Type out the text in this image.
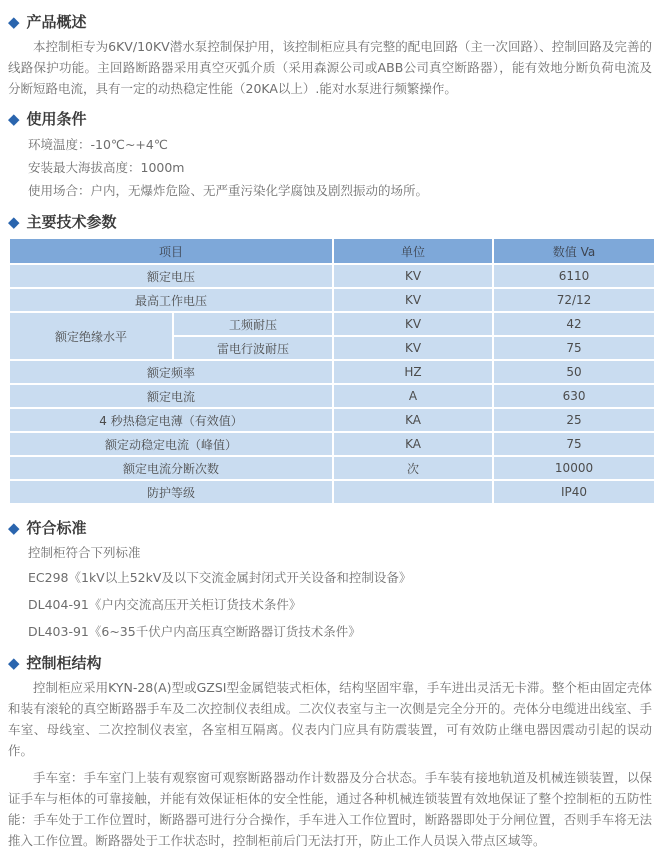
◆ 产品概述

本控制柜专为6KV/10KV潜水泵控制保护用，该控制柜应具有完整的配电回路（主一次回路）、控制回路及完善的线路保护功能。主回路断路器采用真空灭弧介质（采用森源公司或ABB公司真空断路器），能有效地分断负荷电流及分断短路电流，具有一定的动热稳定性能（20KA以上）.能对水泵进行频繁操作。

◆ 使用条件
环境温度：-10℃~+4℃
安装最大海拔高度：1000m
使用场合：户内，无爆炸危险、无严重污染化学腐蚀及剧烈振动的场所。
◆ 主要技术参数
项目		单位	数值 Va
额定电压		KV	6110
最高工作电压		KV	72/12
额定绝缘水平	工频耐压	KV	42
	雷电行波耐压	KV	75
额定频率		HZ	50
额定电流		A	630
4 秒热稳定电薄（有效值）		KA	25
额定动稳定电流（峰值）		KA	75
额定电流分断次数		次	10000
防护等级			IP40
◆ 符合标准
控制柜符合下列标准
EC298《1kV以上52kV及以下交流金属封闭式开关设备和控制设备》
DL404-91《户内交流高压开关柜订货技术条件》
DL403-91《6~35千伏户内高压真空断路器订货技术条件》
◆ 控制柜结构

控制柜应采用KYN-28(A)型或GZSI型金属铠装式柜体，结构坚固牢靠，手车进出灵活无卡滞。整个柜由固定壳体和装有滚轮的真空断路器手车及二次控制仪表组成。二次仪表室与主一次侧是完全分开的。壳体分电缆进出线室、手车室、母线室、二次控制仪表室，各室相互隔离。仪表内门应具有防震装置，可有效防止继电器因震动引起的误动作。

手车室：手车室门上装有观察窗可观察断路器动作计数器及分合状态。手车装有接地轨道及机械连锁装置，以保证手车与柜体的可靠接触，并能有效保证柜体的安全性能，通过各种机械连锁装置有效地保证了整个控制柜的五防性能：手车处于工作位置时，断路器可进行分合操作，手车进入工作位置时，断路器即处于分闸位置，否则手车将无法推入工作位置。断路器处于工作状态时，控制柜前后门无法打开，防止工作人员误入带点区域等。
